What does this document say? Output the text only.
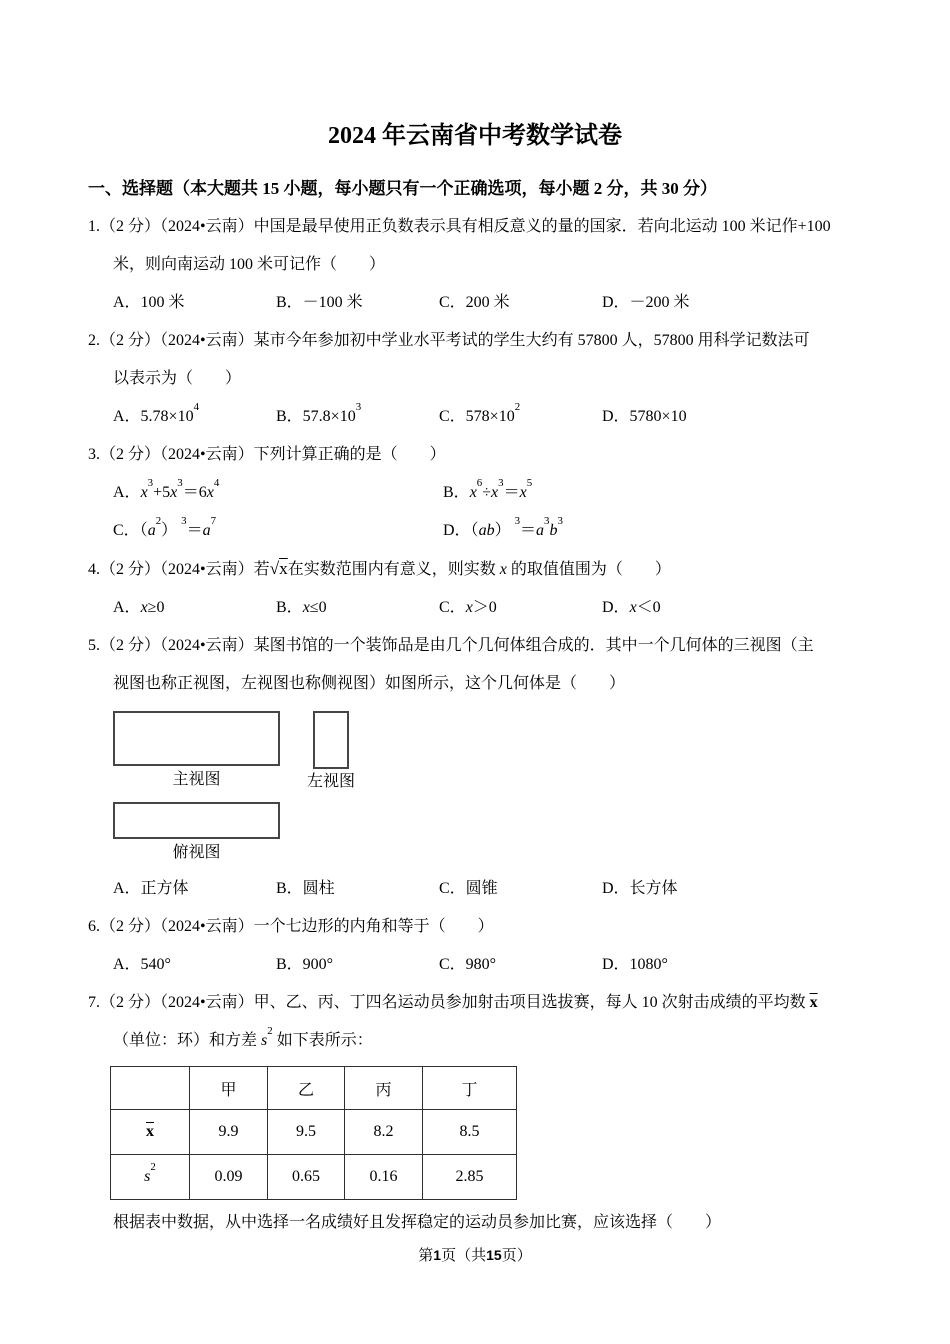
2024 年云南省中考数学试卷
一、选择题（本大题共 15 小题，每小题只有一个正确选项，每小题 2 分，共 30 分）
1.（2 分）（2024•云南）中国是最早使用正负数表示具有相反意义的量的国家．若向北运动 100 米记作+100
米，则向南运动 100 米可记作（　　）
A．100 米	B．－100 米	C．200 米	D．－200 米
2.（2 分）（2024•云南）某市今年参加初中学业水平考试的学生大约有 57800 人，57800 用科学记数法可
以表示为（　　）
A．$5.78\times 10^4$
B．$57.8\times 10^3$
C．$578\times 10^2$
D．5780×10
3.（2 分）（2024•云南）下列计算正确的是（　　）
A．$x^3+5x^3=6x^4$
B．$x^6\div x^3=x^5$
C．$(a^2)$ $^3=a^7$
D．（ab） $^3=a^3b^3$
4.（2 分）（2024•云南）若√x在实数范围内有意义，则实数 x 的取值值围为（　　）
A．x≥0	B．x≤0	C．x＞0	D．x＜0
5.（2 分）（2024•云南）某图书馆的一个装饰品是由几个几何体组合成的．其中一个几何体的三视图（主
视图也称正视图，左视图也称侧视图）如图所示，这个几何体是（　　）
主视图	左视图
俯视图
A．正方体	B．圆柱	C．圆锥	D．长方体
6.（2 分）（2024•云南）一个七边形的内角和等于（　　）
A．540°	B．900°	C．980°	D．1080°
7.（2 分）（2024•云南）甲、乙、丙、丁四名运动员参加射击项目选拔赛，每人 10 次射击成绩的平均数 $\overline{x}$
（单位：环）和方差 $s^2$ 如下表所示：
	甲	乙	丙	丁
$\overline{x}$	9.9	9.5	8.2	8.5
$s^2$	0.09	0.65	0.16	2.85
根据表中数据，从中选择一名成绩好且发挥稳定的运动员参加比赛，应该选择（　　）
第1页（共15页）
